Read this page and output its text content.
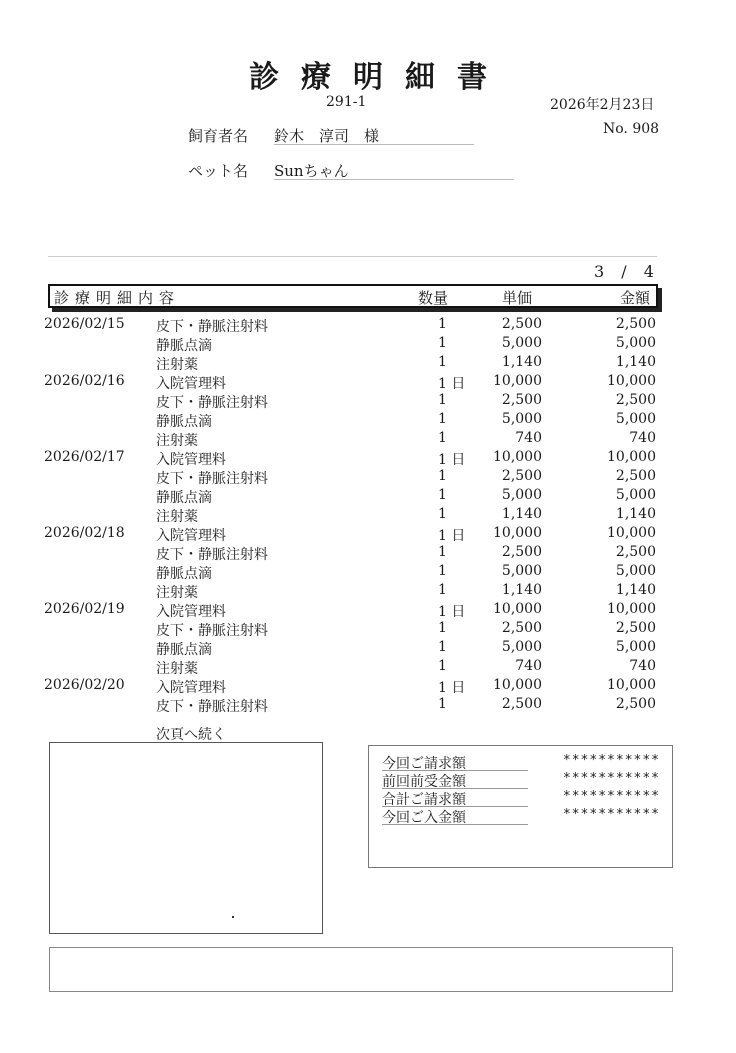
診療明細書
291-1	2026年2月23日
No. 908
飼育者名 鈴木　淳司　様
ペット名 Sunちゃん
3 / 4
診療明細内容	数量	単価	金額
2026/02/15 皮下・静脈注射料	1	2,500	2,500
静脈点滴	1	5,000	5,000
注射薬	1	1,140	1,140
2026/02/16 入院管理料	1 日 10,000	10,000
皮下・静脈注射料	1	2,500	2,500
静脈点滴	1	5,000	5,000
注射薬	1	740	740
2026/02/17 入院管理料	1 日 10,000	10,000
皮下・静脈注射料	1	2,500	2,500
静脈点滴	1	5,000	5,000
注射薬	1	1,140	1,140
2026/02/18 入院管理料	1 日 10,000	10,000
皮下・静脈注射料	1	2,500	2,500
静脈点滴	1	5,000	5,000
注射薬	1	1,140	1,140
2026/02/19 入院管理料	1 日 10,000	10,000
皮下・静脈注射料	1	2,500	2,500
静脈点滴	1	5,000	5,000
注射薬	1	740	740
2026/02/20 入院管理料	1 日 10,000	10,000
皮下・静脈注射料	1	2,500	2,500
次頁へ続く
今回ご請求額	***********
前回前受金額	***********
合計ご請求額	***********
今回ご入金額	***********
